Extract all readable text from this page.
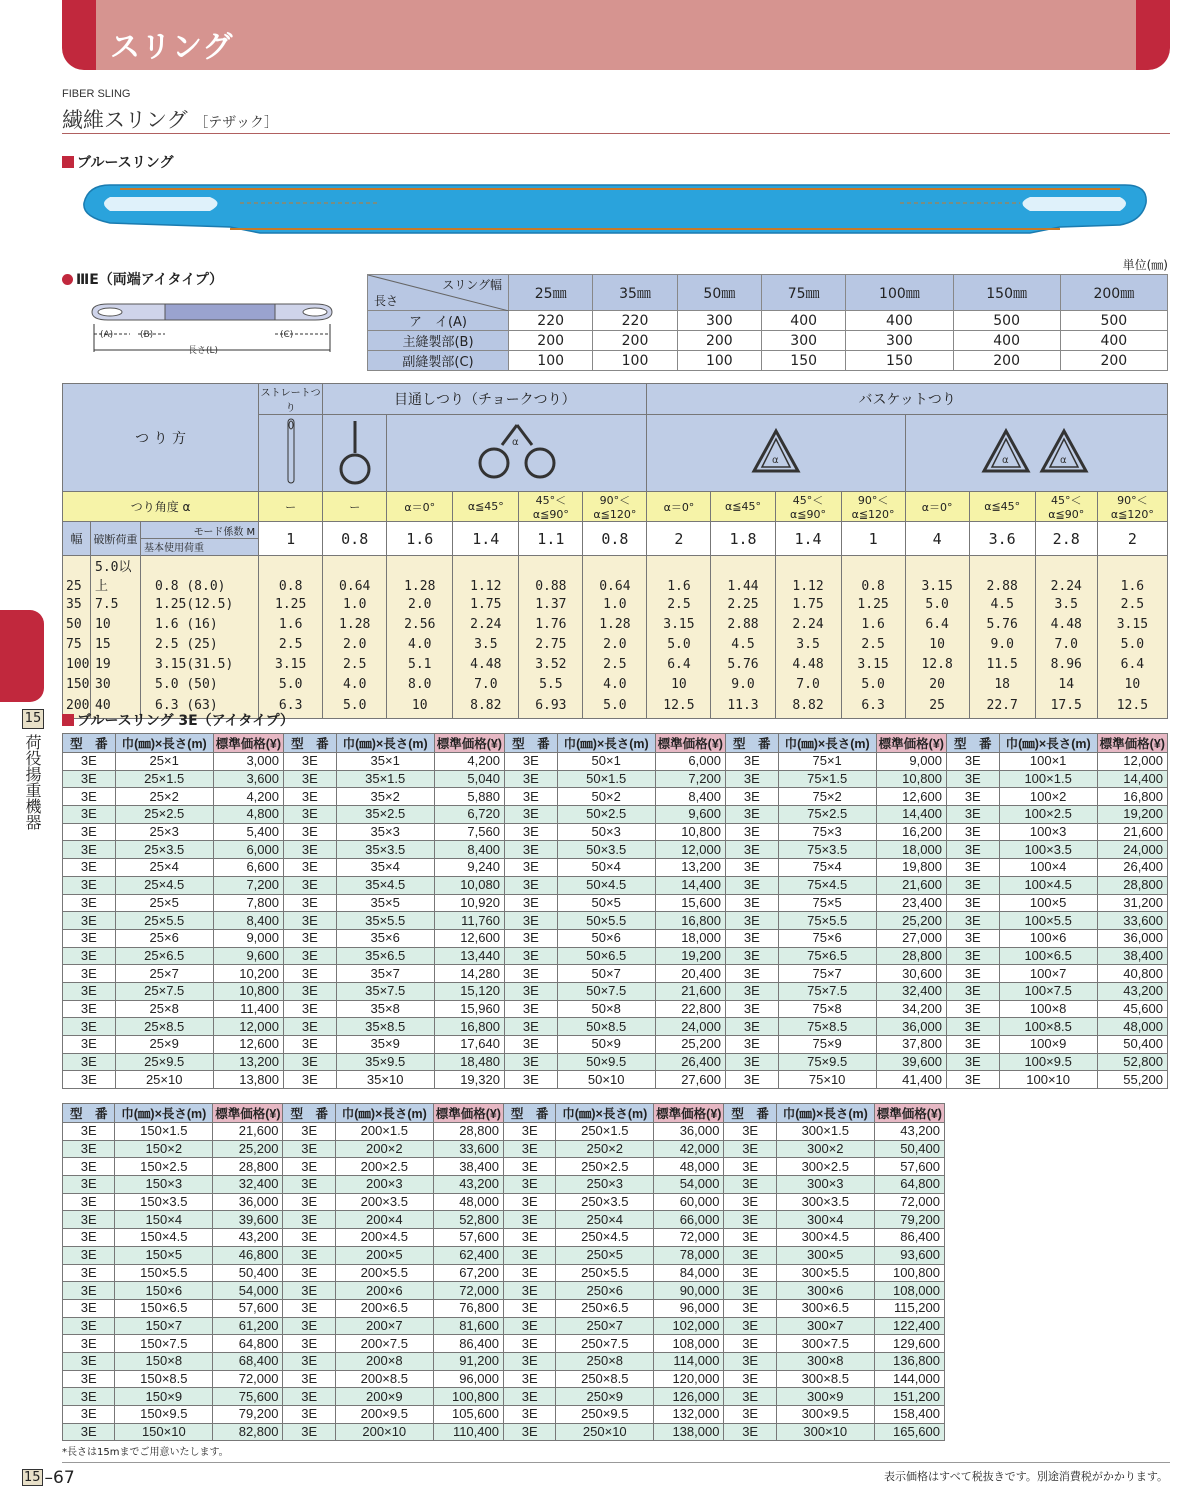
スリング
FIBER SLING
繊維スリング ［テザック］
ブルースリング
ⅢE（両端アイタイプ）
(A)	(B)	(C)
長さ(L)
単位(㎜)
スリング幅
長さ	25㎜	35㎜	50㎜	75㎜	100㎜	150㎜	200㎜
ア　イ(A)	220	220	300	400	400	500	500
主縫製部(B)	200	200	200	300	300	400	400
副縫製部(C)	100	100	100	150	150	200	200
つ り 方			ストレートつり	目通しつり（チョークつり）					バスケットつり							

α				α				α α			

つり角度 α			ー	ー	α＝0°	α≦45°	45°＜α≦90°	90°＜α≦120°	α＝0°	α≦45°	45°＜α≦90°	90°＜α≦120°	α＝0°	α≦45°	45°＜α≦90°	90°＜α≦120°
幅	破断荷重	モード係数 M
基本使用荷重	1	0.8	1.6	1.4	1.1	0.8	2	1.8	1.4	1	4	3.6	2.8	2
25	5.0以上	0.8 (8.0)	0.8	0.64	1.28	1.12	0.88	0.64	1.6	1.44	1.12	0.8	3.15	2.88	2.24	1.6
35	7.5	1.25(12.5)	1.25	1.0	2.0	1.75	1.37	1.0	2.5	2.25	1.75	1.25	5.0	4.5	3.5	2.5
50	10	1.6 (16)	1.6	1.28	2.56	2.24	1.76	1.28	3.15	2.88	2.24	1.6	6.4	5.76	4.48	3.15
75	15	2.5 (25)	2.5	2.0	4.0	3.5	2.75	2.0	5.0	4.5	3.5	2.5	10	9.0	7.0	5.0
100	19	3.15(31.5)	3.15	2.5	5.1	4.48	3.52	2.5	6.4	5.76	4.48	3.15	12.8	11.5	8.96	6.4
150	30	5.0 (50)	5.0	4.0	8.0	7.0	5.5	4.0	10	9.0	7.0	5.0	20	18	14	10
200	40	6.3 (63)	6.3	5.0	10	8.82	6.93	5.0	12.5	11.3	8.82	6.3	25	22.7	17.5	12.5
ブルースリング 3E（アイタイプ）
型　番	巾(㎜)×長さ(m)	標準価格(¥)	型　番	巾(㎜)×長さ(m)	標準価格(¥)	型　番	巾(㎜)×長さ(m)	標準価格(¥)	型　番	巾(㎜)×長さ(m)	標準価格(¥)	型　番	巾(㎜)×長さ(m)	標準価格(¥)
3E	25×1	3,000	3E	35×1	4,200	3E	50×1	6,000	3E	75×1	9,000	3E	100×1	12,000
3E	25×1.5	3,600	3E	35×1.5	5,040	3E	50×1.5	7,200	3E	75×1.5	10,800	3E	100×1.5	14,400
3E	25×2	4,200	3E	35×2	5,880	3E	50×2	8,400	3E	75×2	12,600	3E	100×2	16,800
3E	25×2.5	4,800	3E	35×2.5	6,720	3E	50×2.5	9,600	3E	75×2.5	14,400	3E	100×2.5	19,200
3E	25×3	5,400	3E	35×3	7,560	3E	50×3	10,800	3E	75×3	16,200	3E	100×3	21,600
3E	25×3.5	6,000	3E	35×3.5	8,400	3E	50×3.5	12,000	3E	75×3.5	18,000	3E	100×3.5	24,000
3E	25×4	6,600	3E	35×4	9,240	3E	50×4	13,200	3E	75×4	19,800	3E	100×4	26,400
3E	25×4.5	7,200	3E	35×4.5	10,080	3E	50×4.5	14,400	3E	75×4.5	21,600	3E	100×4.5	28,800
3E	25×5	7,800	3E	35×5	10,920	3E	50×5	15,600	3E	75×5	23,400	3E	100×5	31,200
3E	25×5.5	8,400	3E	35×5.5	11,760	3E	50×5.5	16,800	3E	75×5.5	25,200	3E	100×5.5	33,600
3E	25×6	9,000	3E	35×6	12,600	3E	50×6	18,000	3E	75×6	27,000	3E	100×6	36,000
3E	25×6.5	9,600	3E	35×6.5	13,440	3E	50×6.5	19,200	3E	75×6.5	28,800	3E	100×6.5	38,400
3E	25×7	10,200	3E	35×7	14,280	3E	50×7	20,400	3E	75×7	30,600	3E	100×7	40,800
3E	25×7.5	10,800	3E	35×7.5	15,120	3E	50×7.5	21,600	3E	75×7.5	32,400	3E	100×7.5	43,200
3E	25×8	11,400	3E	35×8	15,960	3E	50×8	22,800	3E	75×8	34,200	3E	100×8	45,600
3E	25×8.5	12,000	3E	35×8.5	16,800	3E	50×8.5	24,000	3E	75×8.5	36,000	3E	100×8.5	48,000
3E	25×9	12,600	3E	35×9	17,640	3E	50×9	25,200	3E	75×9	37,800	3E	100×9	50,400
3E	25×9.5	13,200	3E	35×9.5	18,480	3E	50×9.5	26,400	3E	75×9.5	39,600	3E	100×9.5	52,800
3E	25×10	13,800	3E	35×10	19,320	3E	50×10	27,600	3E	75×10	41,400	3E	100×10	55,200
型　番	巾(㎜)×長さ(m)	標準価格(¥)	型　番	巾(㎜)×長さ(m)	標準価格(¥)	型　番	巾(㎜)×長さ(m)	標準価格(¥)	型　番	巾(㎜)×長さ(m)	標準価格(¥)
3E	150×1.5	21,600	3E	200×1.5	28,800	3E	250×1.5	36,000	3E	300×1.5	43,200
3E	150×2	25,200	3E	200×2	33,600	3E	250×2	42,000	3E	300×2	50,400
3E	150×2.5	28,800	3E	200×2.5	38,400	3E	250×2.5	48,000	3E	300×2.5	57,600
3E	150×3	32,400	3E	200×3	43,200	3E	250×3	54,000	3E	300×3	64,800
3E	150×3.5	36,000	3E	200×3.5	48,000	3E	250×3.5	60,000	3E	300×3.5	72,000
3E	150×4	39,600	3E	200×4	52,800	3E	250×4	66,000	3E	300×4	79,200
3E	150×4.5	43,200	3E	200×4.5	57,600	3E	250×4.5	72,000	3E	300×4.5	86,400
3E	150×5	46,800	3E	200×5	62,400	3E	250×5	78,000	3E	300×5	93,600
3E	150×5.5	50,400	3E	200×5.5	67,200	3E	250×5.5	84,000	3E	300×5.5	100,800
3E	150×6	54,000	3E	200×6	72,000	3E	250×6	90,000	3E	300×6	108,000
3E	150×6.5	57,600	3E	200×6.5	76,800	3E	250×6.5	96,000	3E	300×6.5	115,200
3E	150×7	61,200	3E	200×7	81,600	3E	250×7	102,000	3E	300×7	122,400
3E	150×7.5	64,800	3E	200×7.5	86,400	3E	250×7.5	108,000	3E	300×7.5	129,600
3E	150×8	68,400	3E	200×8	91,200	3E	250×8	114,000	3E	300×8	136,800
3E	150×8.5	72,000	3E	200×8.5	96,000	3E	250×8.5	120,000	3E	300×8.5	144,000
3E	150×9	75,600	3E	200×9	100,800	3E	250×9	126,000	3E	300×9	151,200
3E	150×9.5	79,200	3E	200×9.5	105,600	3E	250×9.5	132,000	3E	300×9.5	158,400
3E	150×10	82,800	3E	200×10	110,400	3E	250×10	138,000	3E	300×10	165,600
*長さは15mまでご用意いたします。
15
荷役揚重機器
15 –67	表示価格はすべて税抜きです。別途消費税がかかります。
